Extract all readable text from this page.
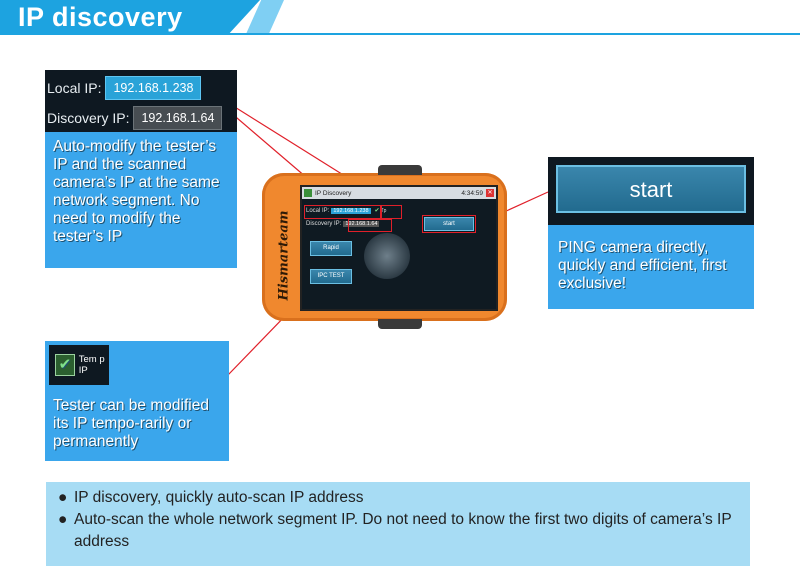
IP discovery
Local IP: 192.168.1.238
Discovery IP: 192.168.1.64
Auto-modify the tester’s IP and the scanned camera’s IP at the same network segment. No need to modify the tester’s IP
start
PING camera directly, quickly and efficient, first exclusive!
✔ Tem p IP
Tester can be modified its IP tempo-rarily or permanently
Hismarteam
IP Discovery	4:34:59 ✕
Local IP: 192.168.1.238	✔ Tp
Discovery IP: 192.168.1.64	start
Rapid
IPC TEST
● IP discovery, quickly auto-scan IP address
● Auto-scan the whole network segment IP. Do not need to know the first two digits of camera’s IP address
